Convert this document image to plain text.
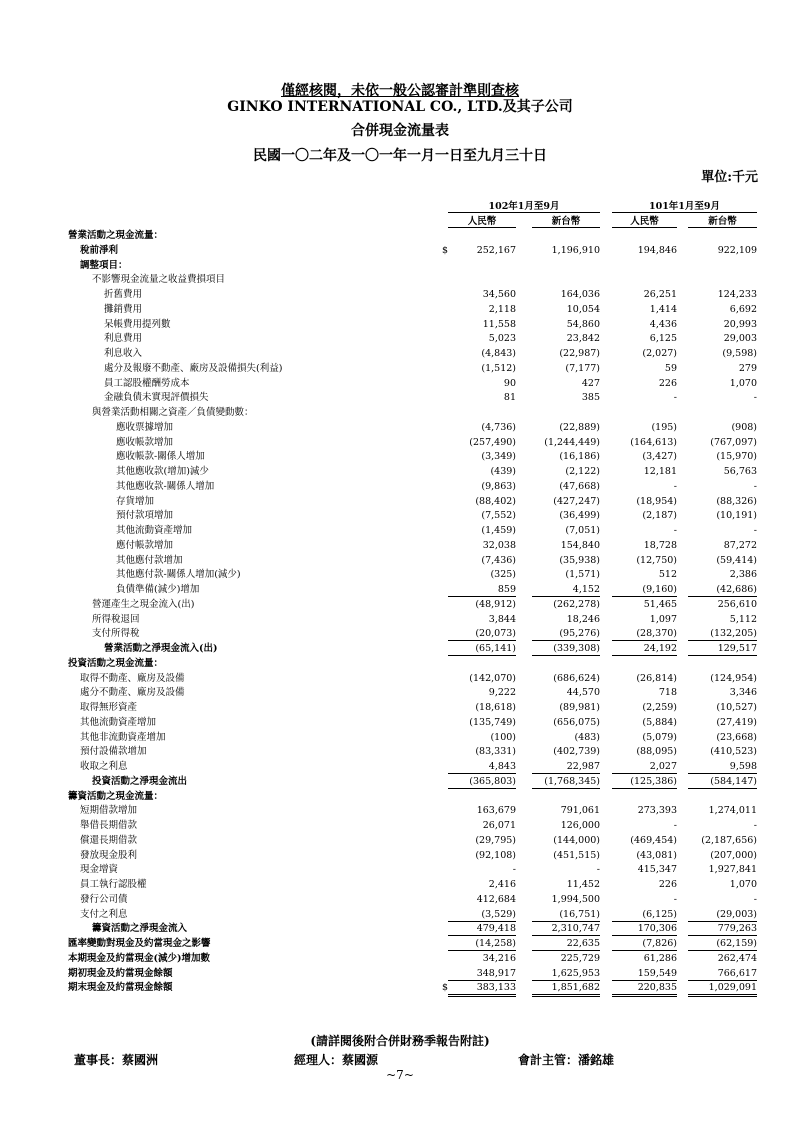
僅經核閱，未依一般公認審計準則查核
GINKO INTERNATIONAL CO., LTD.及其子公司
合併現金流量表
民國一〇二年及一〇一年一月一日至九月三十日
單位:千元
102年1月至9月	101年1月至9月
人民幣	新台幣	人民幣	新台幣
營業活動之現金流量：
稅前淨利	$	252,167	1,196,910	194,846	922,109
調整項目：
不影響現金流量之收益費損項目
折舊費用	34,560	164,036	26,251	124,233
攤銷費用	2,118	10,054	1,414	6,692
呆帳費用提列數	11,558	54,860	4,436	20,993
利息費用	5,023	23,842	6,125	29,003
利息收入	(4,843)	(22,987)	(2,027)	(9,598)
處分及報廢不動產、廠房及設備損失(利益)	(1,512)	(7,177)	59	279
員工認股權酬勞成本	90	427	226	1,070
金融負債未實現評價損失	81	385	-	-
與營業活動相關之資產／負債變動數：
應收票據增加	(4,736)	(22,889)	(195)	(908)
應收帳款增加	(257,490)	(1,244,449)	(164,613)	(767,097)
應收帳款-關係人增加	(3,349)	(16,186)	(3,427)	(15,970)
其他應收款(增加)減少	(439)	(2,122)	12,181	56,763
其他應收款-關係人增加	(9,863)	(47,668)	-	-
存貨增加	(88,402)	(427,247)	(18,954)	(88,326)
預付款項增加	(7,552)	(36,499)	(2,187)	(10,191)
其他流動資產增加	(1,459)	(7,051)	-	-
應付帳款增加	32,038	154,840	18,728	87,272
其他應付款增加	(7,436)	(35,938)	(12,750)	(59,414)
其他應付款-關係人增加(減少)	(325)	(1,571)	512	2,386
負債準備(減少)增加	859	4,152	(9,160)	(42,686)
營運產生之現金流入(出)	(48,912)	(262,278)	51,465	256,610
所得稅退回	3,844	18,246	1,097	5,112
支付所得稅	(20,073)	(95,276)	(28,370)	(132,205)
營業活動之淨現金流入(出)	(65,141)	(339,308)	24,192	129,517
投資活動之現金流量：
取得不動產、廠房及設備	(142,070)	(686,624)	(26,814)	(124,954)
處分不動產、廠房及設備	9,222	44,570	718	3,346
取得無形資產	(18,618)	(89,981)	(2,259)	(10,527)
其他流動資產增加	(135,749)	(656,075)	(5,884)	(27,419)
其他非流動資產增加	(100)	(483)	(5,079)	(23,668)
預付設備款增加	(83,331)	(402,739)	(88,095)	(410,523)
收取之利息	4,843	22,987	2,027	9,598
投資活動之淨現金流出	(365,803)	(1,768,345)	(125,386)	(584,147)
籌資活動之現金流量：
短期借款增加	163,679	791,061	273,393	1,274,011
舉借長期借款	26,071	126,000	-	-
償還長期借款	(29,795)	(144,000)	(469,454)	(2,187,656)
發放現金股利	(92,108)	(451,515)	(43,081)	(207,000)
現金增資	-	-	415,347	1,927,841
員工執行認股權	2,416	11,452	226	1,070
發行公司債	412,684	1,994,500	-	-
支付之利息	(3,529)	(16,751)	(6,125)	(29,003)
籌資活動之淨現金流入	479,418	2,310,747	170,306	779,263
匯率變動對現金及約當現金之影響	(14,258)	22,635	(7,826)	(62,159)
本期現金及約當現金(減少)增加數	34,216	225,729	61,286	262,474
期初現金及約當現金餘額	348,917	1,625,953	159,549	766,617
期末現金及約當現金餘額	$	383,133	1,851,682	220,835	1,029,091
(請詳閱後附合併財務季報告附註)
董事長：蔡國洲	經理人：蔡國源	會計主管：潘銘雄
~7~
